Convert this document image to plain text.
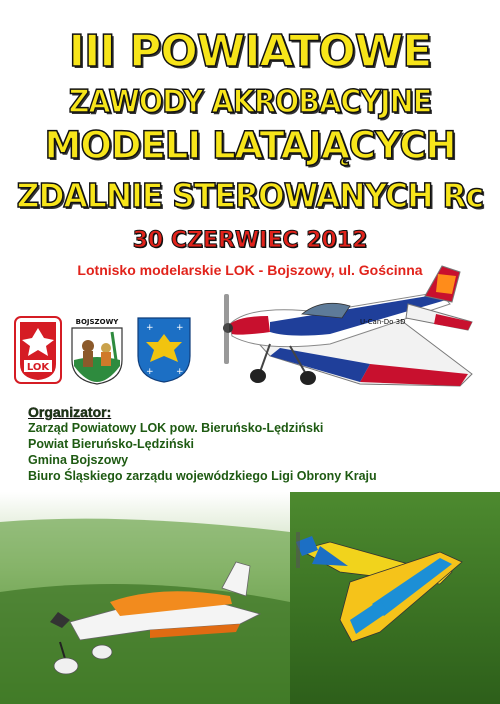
III POWIATOWE
ZAWODY AKROBACYJNE
MODELI LATAJĄCYCH
ZDALNIE STEROWANYCH Rc
30 CZERWIEC 2012
Lotnisko modelarskie LOK - Bojszowy, ul. Gościnna
U-Can-Do 3D
LOK
BOJSZOWY
+ +
+ +
Organizator:
Zarząd Powiatowy LOK pow. Bieruńsko-Lędziński
Powiat Bieruńsko-Lędziński
Gmina Bojszowy
Biuro Śląskiego zarządu wojewódzkiego Ligi Obrony Kraju
